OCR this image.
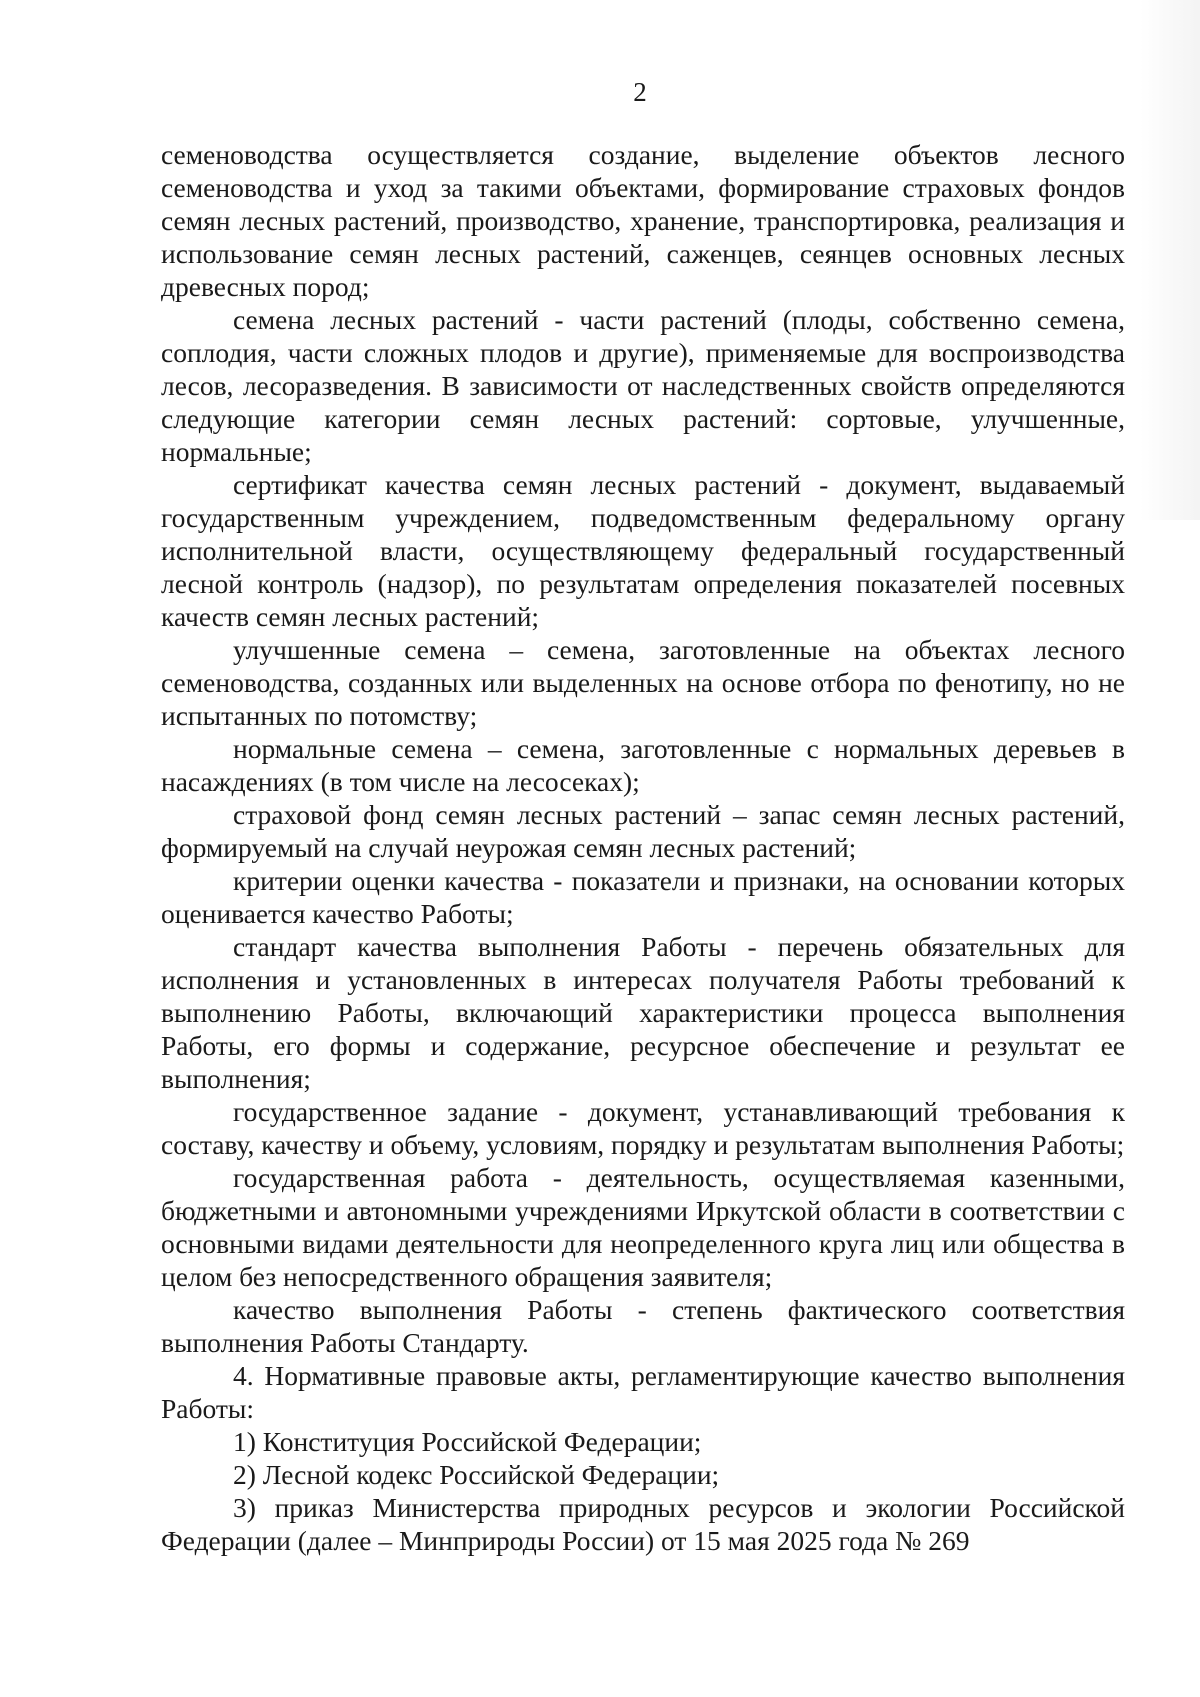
2

семеноводства осуществляется создание, выделение объектов лесного семеноводства и уход за такими объектами, формирование страховых фондов семян лесных растений, производство, хранение, транспортировка, реализация и использование семян лесных растений, саженцев, сеянцев основных лесных древесных пород;

семена лесных растений - части растений (плоды, собственно семена, соплодия, части сложных плодов и другие), применяемые для воспроизводства лесов, лесоразведения. В зависимости от наследственных свойств определяются следующие категории семян лесных растений: сортовые, улучшенные, нормальные;

сертификат качества семян лесных растений - документ, выдаваемый государственным учреждением, подведомственным федеральному органу исполнительной власти, осуществляющему федеральный государственный лесной контроль (надзор), по результатам определения показателей посевных качеств семян лесных растений;

улучшенные семена – семена, заготовленные на объектах лесного семеноводства, созданных или выделенных на основе отбора по фенотипу, но не испытанных по потомству;

нормальные семена – семена, заготовленные с нормальных деревьев в насаждениях (в том числе на лесосеках);

страховой фонд семян лесных растений – запас семян лесных растений, формируемый на случай неурожая семян лесных растений;

критерии оценки качества - показатели и признаки, на основании которых оценивается качество Работы;

стандарт качества выполнения Работы - перечень обязательных для исполнения и установленных в интересах получателя Работы требований к выполнению Работы, включающий характеристики процесса выполнения Работы, его формы и содержание, ресурсное обеспечение и результат ее выполнения;

государственное задание - документ, устанавливающий требования к составу, качеству и объему, условиям, порядку и результатам выполнения Работы;

государственная работа - деятельность, осуществляемая казенными, бюджетными и автономными учреждениями Иркутской области в соответствии с основными видами деятельности для неопределенного круга лиц или общества в целом без непосредственного обращения заявителя;

качество выполнения Работы - степень фактического соответствия выполнения Работы Стандарту.

4. Нормативные правовые акты, регламентирующие качество выполнения Работы:

1) Конституция Российской Федерации;

2) Лесной кодекс Российской Федерации;

3) приказ Министерства природных ресурсов и экологии Российской Федерации (далее – Минприроды России) от 15 мая 2025 года № 269
